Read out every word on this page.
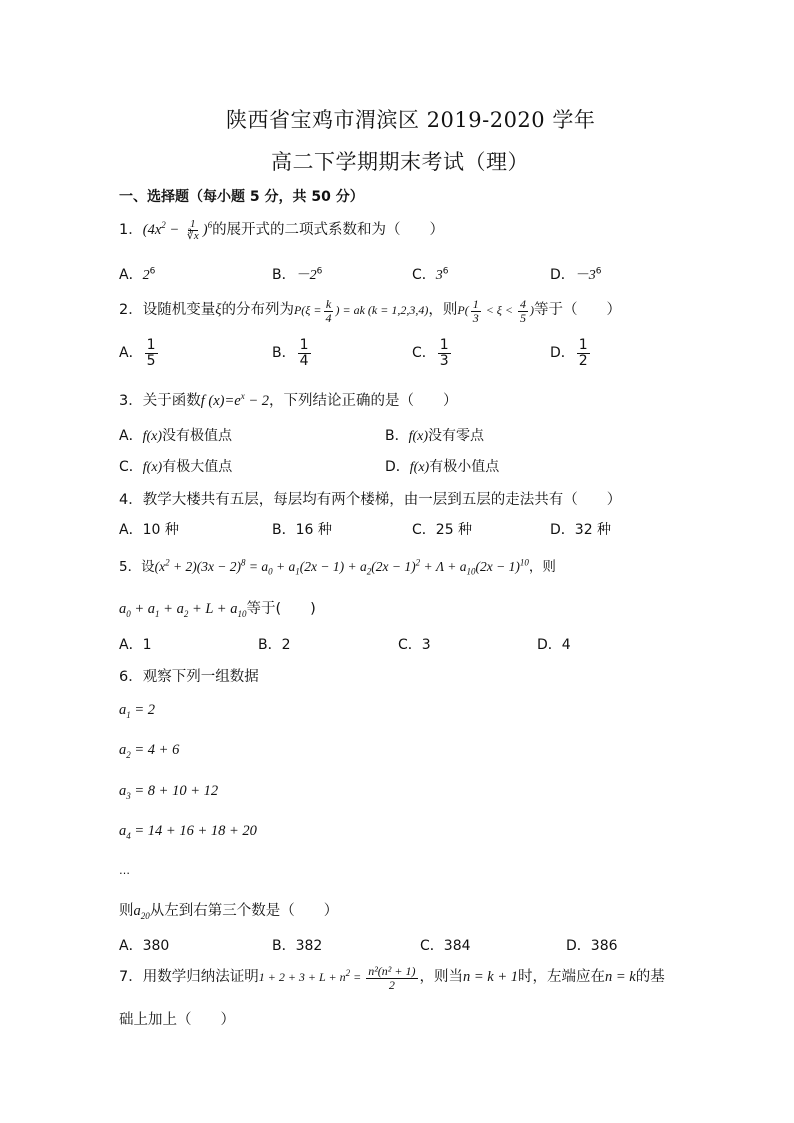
陕西省宝鸡市渭滨区 2019-2020 学年
高二下学期期末考试（理）
一、选择题（每小题 5 分，共 50 分）
1．$(4x^2 - \frac{1}{∛x} )^6$的展开式的二项式系数和为（　　）
A．$2^6$	B．$-2^6$	C．$3^6$	D．$-3^6$
2．设随机变量ξ的分布列为$P(\xi = \frac{k}{4}$ ) = ak (k = 1,2,3,4)，则$P( \frac{1}{3} < \xi < \frac{4}{5}$ )等于（　　）
A． $\frac{1}{5}$	B． $\frac{1}{4}$	C． $\frac{1}{3}$	D． $\frac{1}{2}$
3．关于函数f $(x)=e^x - 2$，下列结论正确的是（　　）
A．f(x)没有极值点	B．f(x)没有零点
C．f(x)有极大值点	D．f(x)有极小值点
4．教学大楼共有五层，每层均有两个楼梯，由一层到五层的走法共有（　　）
A．10 种	B．16 种	C．25 种	D．32 种
5．设$(x^2 + 2)(3x - 2)^8 = a_0 + a_1(2x - 1) + a_2(2x - 1)^2 + \Lambda + a_{10}(2x - 1)^{10}$，则
$a_0 + a_1 + a_2 + L + a_{10}$等于(　　)
A．1	B．2	C．3	D．4
6．观察下列一组数据
$a_1 = 2$
$a_2 = 4 + 6$
$a_3 = 8 + 10 + 12$
$a_4 = 14 + 16 + 18 + 20$
…
则$a_{20}$从左到右第三个数是（　　）
A．380	B．382	C．384	D．386
7．用数学归纳法证明$1 + 2 + 3 + L + n^2 = \frac{\text{n²(n² + 1)}}{2}$ ，则当n = k + 1时，左端应在n = k的基
础上加上（　　）
